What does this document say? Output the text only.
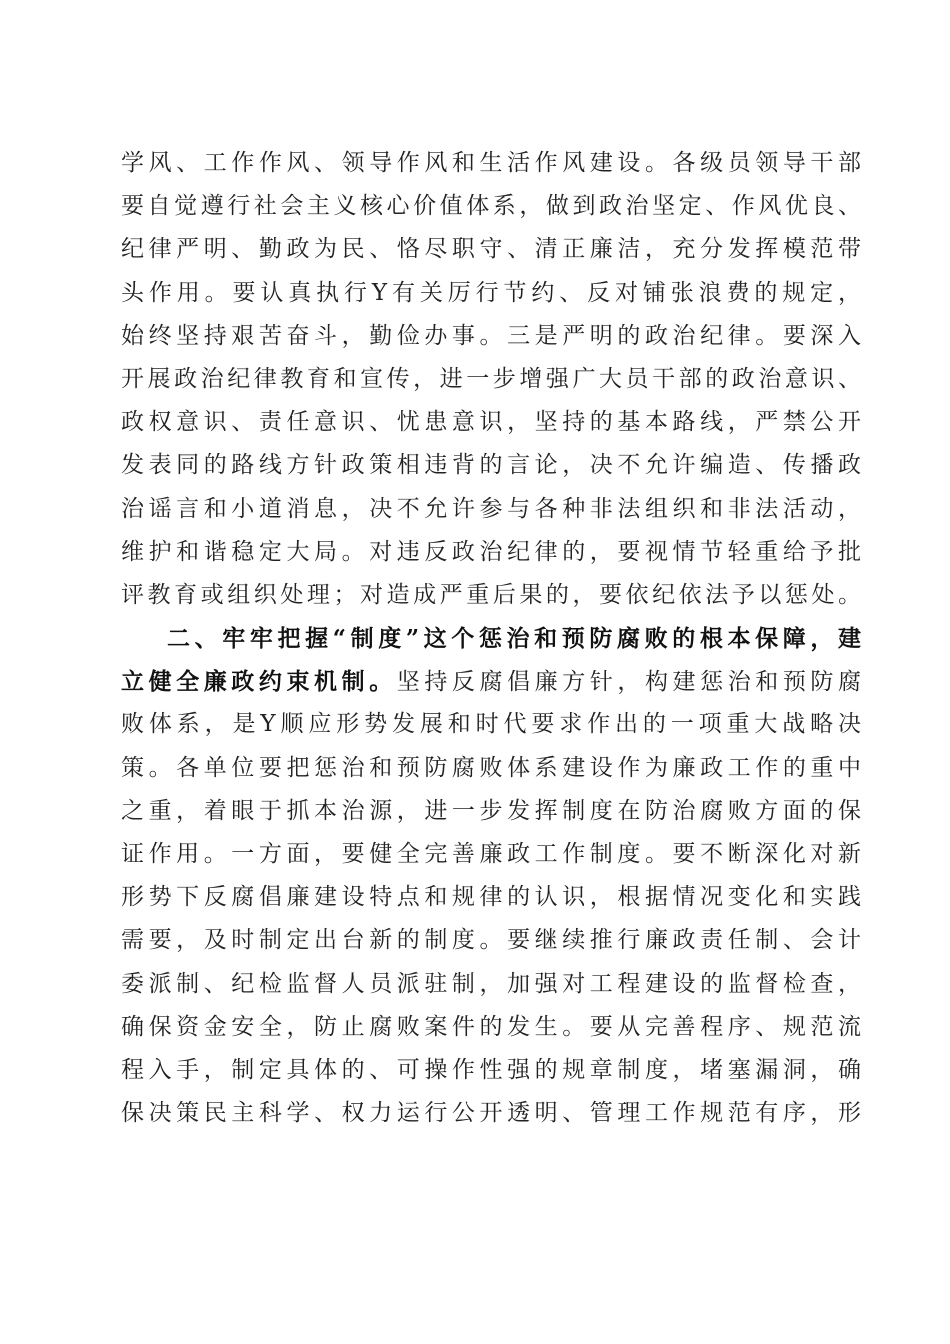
学风、工作作风、领导作风和生活作风建设。各级员领导干部
要自觉遵行社会主义核心价值体系，做到政治坚定、作风优良、
纪律严明、勤政为民、恪尽职守、清正廉洁，充分发挥模范带
头作用。要认真执行Y有关厉行节约、反对铺张浪费的规定，
始终坚持艰苦奋斗，勤俭办事。三是严明的政治纪律。要深入
开展政治纪律教育和宣传，进一步增强广大员干部的政治意识、
政权意识、责任意识、忧患意识，坚持的基本路线，严禁公开
发表同的路线方针政策相违背的言论，决不允许编造、传播政
治谣言和小道消息，决不允许参与各种非法组织和非法活动，
维护和谐稳定大局。对违反政治纪律的，要视情节轻重给予批
评教育或组织处理；对造成严重后果的，要依纪依法予以惩处。
二、牢牢把握“制度”这个惩治和预防腐败的根本保障，建
立健全廉政约束机制。坚持反腐倡廉方针，构建惩治和预防腐
败体系，是Y顺应形势发展和时代要求作出的一项重大战略决
策。各单位要把惩治和预防腐败体系建设作为廉政工作的重中
之重，着眼于抓本治源，进一步发挥制度在防治腐败方面的保
证作用。一方面，要健全完善廉政工作制度。要不断深化对新
形势下反腐倡廉建设特点和规律的认识，根据情况变化和实践
需要，及时制定出台新的制度。要继续推行廉政责任制、会计
委派制、纪检监督人员派驻制，加强对工程建设的监督检查，
确保资金安全，防止腐败案件的发生。要从完善程序、规范流
程入手，制定具体的、可操作性强的规章制度，堵塞漏洞，确
保决策民主科学、权力运行公开透明、管理工作规范有序，形
